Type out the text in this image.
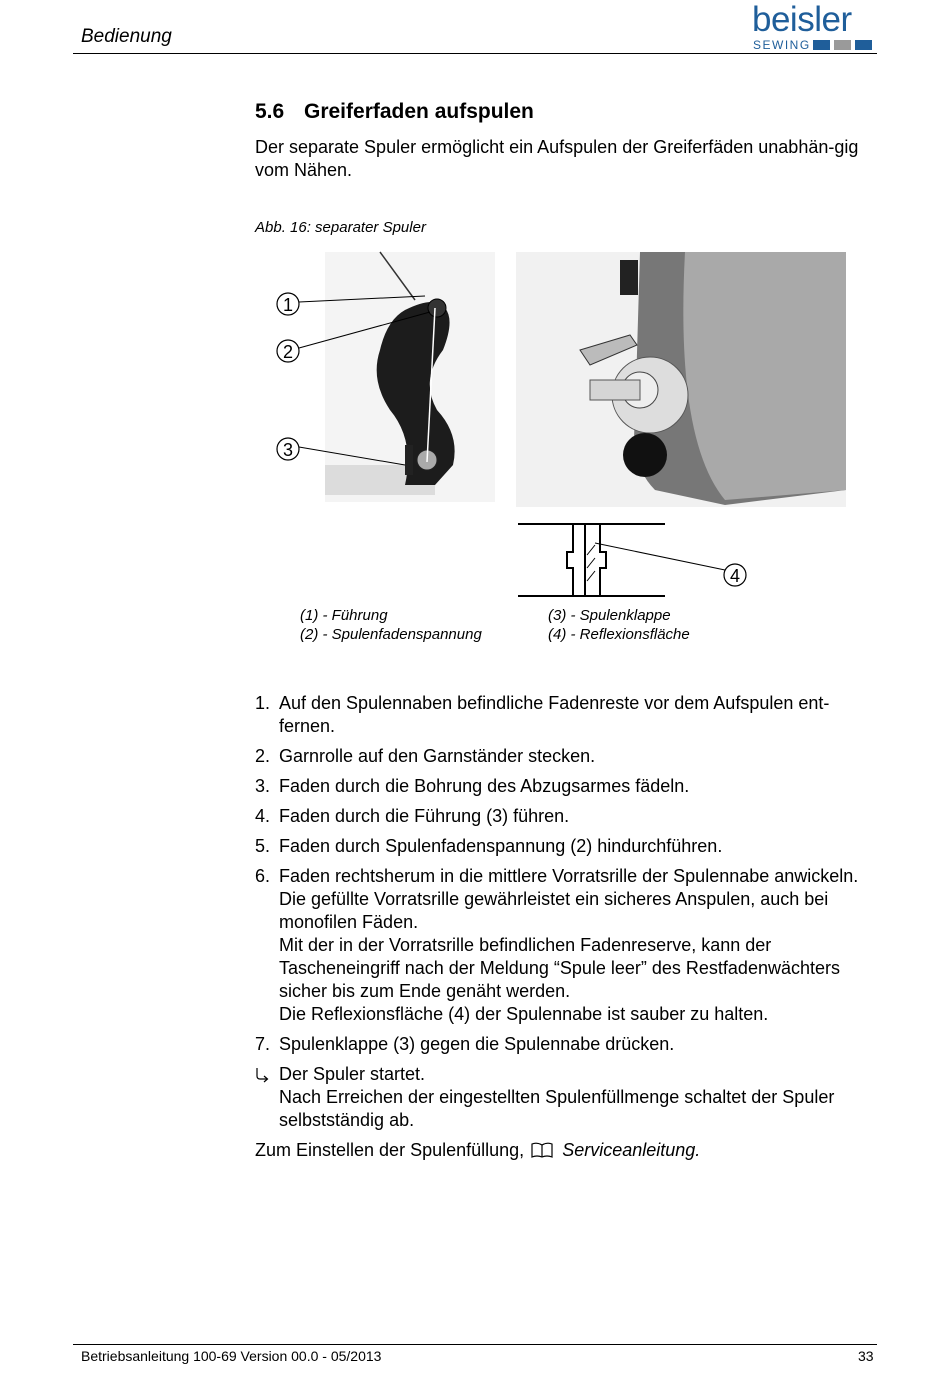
Bedienung	beisler
SEWING
5.6 Greiferfaden aufspulen
Der separate Spuler ermöglicht ein Aufspulen der Greiferfäden unabhän-gig vom Nähen.
Abb. 16: separater Spuler
1
2
3
4
(1) - Führung
(2) - Spulenfadenspannung
(3) - Spulenklappe
(4) - Reflexionsfläche
1. Auf den Spulennaben befindliche Fadenreste vor dem Aufspulen ent-fernen.
2. Garnrolle auf den Garnständer stecken.
3. Faden durch die Bohrung des Abzugsarmes fädeln.
4. Faden durch die Führung (3) führen.
5. Faden durch Spulenfadenspannung (2) hindurchführen.
6. Faden rechtsherum in die mittlere Vorratsrille der Spulennabe anwickeln.
Die gefüllte Vorratsrille gewährleistet ein sicheres Anspulen, auch bei monofilen Fäden.
Mit der in der Vorratsrille befindlichen Fadenreserve, kann der Tascheneingriff nach der Meldung “Spule leer” des Restfadenwächters sicher bis zum Ende genäht werden.
Die Reflexionsfläche (4) der Spulennabe ist sauber zu halten.
7. Spulenklappe (3) gegen die Spulennabe drücken.
Der Spuler startet.
Nach Erreichen der eingestellten Spulenfüllmenge schaltet der Spuler selbstständig ab.
Zum Einstellen der Spulenfüllung, Serviceanleitung.
Betriebsanleitung 100-69 Version 00.0 - 05/2013	33
